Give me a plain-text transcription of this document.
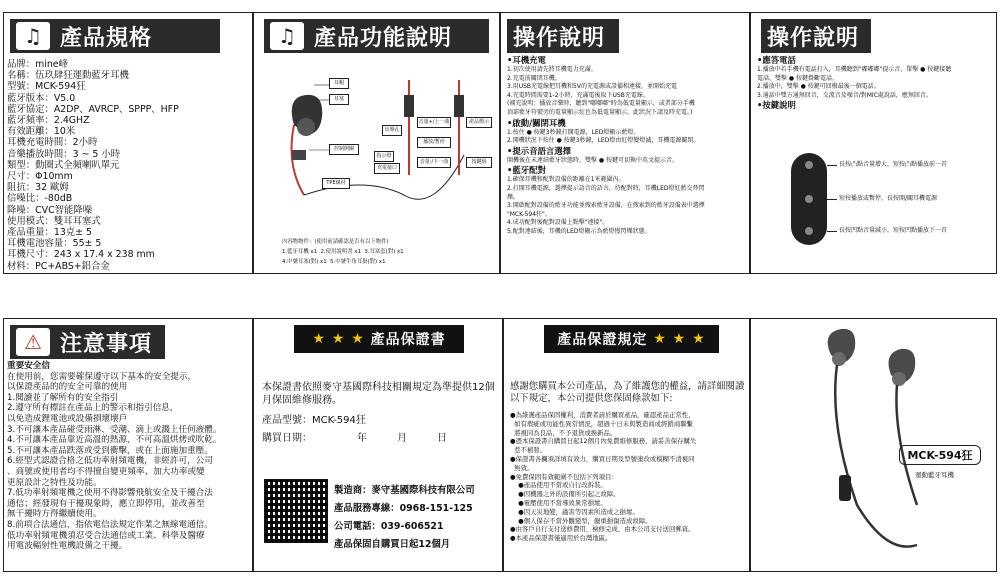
♫ 產品規格
品牌：mine峰
名稱：伍玖肆狂運動藍牙耳機
型號：MCK-594狂
藍牙版本：V5.0
藍牙協定：A2DP、AVRCP、SPPP、HFP
藍牙頻率：2.4GHZ
有效距離：10米
耳機充電時間：2小時
音樂播放時間：3 ~ 5 小時
類型：動圈式全頻喇叭單元
尺寸：Φ10mm
阻抗：32 歐姆
信噪比：-80dB
降噪：CVC智能降噪
使用模式：雙耳耳塞式
產品重量：13克± 5
耳機電池容量：55± 5
耳機尺寸：243 x 17.4 x 238 mm
材料：PC+ABS+鋁合金
♫ 產品功能說明
耳帽
耳塞
控制開關
出聲孔
指示燈
充電接口
TPE線材
音量+/上一曲
播放/暫停
音量-/下一曲
產品標示
按鍵組
內容物物件：(使用前請確認是否有以下物件)
1.藍牙耳機 x1 2.使用說明書 x1 3.耳塞套(對) x1
4.中號耳塞(對) x1 5.中號牛角耳掛(對) x1
操作說明
•耳機充電
1.初次使用請先將耳機電力充滿。
2.充電前關閉耳機。
3.用USB充電線把耳機和5V的充電源或設備相連接，並開始充電
4.充電時間需要1-2小時，充滿電後取下USB充電線。
(補充說明：播放音樂時，聽到"嘟嘟嘟"時為低電量顯示，或者部分手機
頂部藍牙符號旁的電量顯示紅色為低電量顯示，此狀況下請及時充電。)
•啟動/關閉耳機
1.按住 ● 按鍵3秒鐘打開電源，LED燈顯示藍燈。
2.開機狀況下按住 ● 按鍵3秒鐘，LED燈由紅燈變燈滅，耳機電源關閉。
•提示音語言選擇
開機後在未連結藍牙狀態時，雙擊 ● 按鍵可切換中英文提示音。
•藍牙配對
1.確保耳機和配對設備的距離在1米範圍內。
2.打開耳機電源，選擇提示語音的語言，待配對時，耳機LED燈紅藍交替閃
爍。
3.開啟配對設備的藍牙功能並搜索藍牙設備，在搜索到的藍牙設備表中選擇
"MCK-594狂"。
4.成功配對後配對設備上點擊"連接"。
5.配對連結後，耳機的LED燈顯示為藍燈慢閃爍狀態。
操作說明
•應答電話
1.播放中若手機有電話打入，耳機聽到"嘟嘟嘟"提示音，單擊 ● 按鍵接聽
電話，雙擊 ● 按鍵掛斷電話。
2.播放中，雙擊 ● 按鍵可回撥最後一個電話。
3.通話中雙方通無回音，交流音及噪音/對MIC處說話，應無回音。
•按鍵說明
長按凸點音量增大，短按凸點播放前一首
短按播放或暫停，長按開/關耳機電源
長按凹點音量減小，短按凹點播放下一首
⚠ 注意事項
重要安全信
在使用前，您需要確保遵守以下基本的安全提示，
以保證產品的的安全可靠的使用
1.閱讀並了解所有的安全指引
2.遵守所有標註在產品上的警示和指引信息，
以免造成鋰電池或設備損壞壞戶
3.不可讓本產品碰受雨淋、受潮、滴上或濺上任何液體。
4.不可讓本產品靠近高溫的熱源，不可高溫烘烤或吹乾。
5.不可讓本產品跌落或受到衝擊，或在上面施加重壓。
6.經型式認證合格之低功率射頻電機，非經許可，公司
、商號或使用者均不得擅自變更頻率、加大功率或變
更原設計之特性及功能。
7.低功率射頻電機之使用不得影響飛航安全及干擾合法
通信；經發現有干擾現象時，應立即停用，並改善至
無干擾時方得繼續使用。
8.前項合法通信，指依電信法規定作業之無線電通信。
低功率射頻電機須忍受合法通信或工業、科學及醫療
用電波輻射性電機設備之干擾。
★ ★ ★
產品保證書
本保證書依照麥守基國際科技相關規定為準提供12個月保固維修服務。
產品型號：MCK-594狂
購買日期：	年	月	日
製造商：麥守基國際科技有限公司
產品服務專線：0968-151-125
公司電話：039-606521
產品保固自購買日起12個月
產品保證規定
★ ★ ★
感謝您購買本公司產品，為了維護您的權益，請詳細閱讀以下規定，本公司提供您保固條款如下:
●為維護產品保固權利，消費者請於購買產品，確認產品正常性，
如有瑕疵或功能性異常情況，超過十日未與製造商或經銷商聯繫
將視同為良品，不予退貨或換新品。
●憑本保證書自購買日起12個月內免費維修服務，請妥善保存購失
惹不補發。
●保證書各欄須詳填有效力，購買日期及型號塗改或模糊不清視同
無效。
●免費保固有效範圍不包括下列項目：
●產品使用不當或自行改拆裝。
●因機器之外的設備所引起之故障。
●電壓使用不當導致異常損壞。
●因天災地變，蟲害等因素所造成之損壞。
●個人保存不當外觀變型，嚴重損傷造成故障。
●由客戶自行支付送修費用，檢修完成，由本公司支付送回郵資。
●本產品保證書僅適用於台灣地區。
MCK-594狂
運動藍牙耳機
